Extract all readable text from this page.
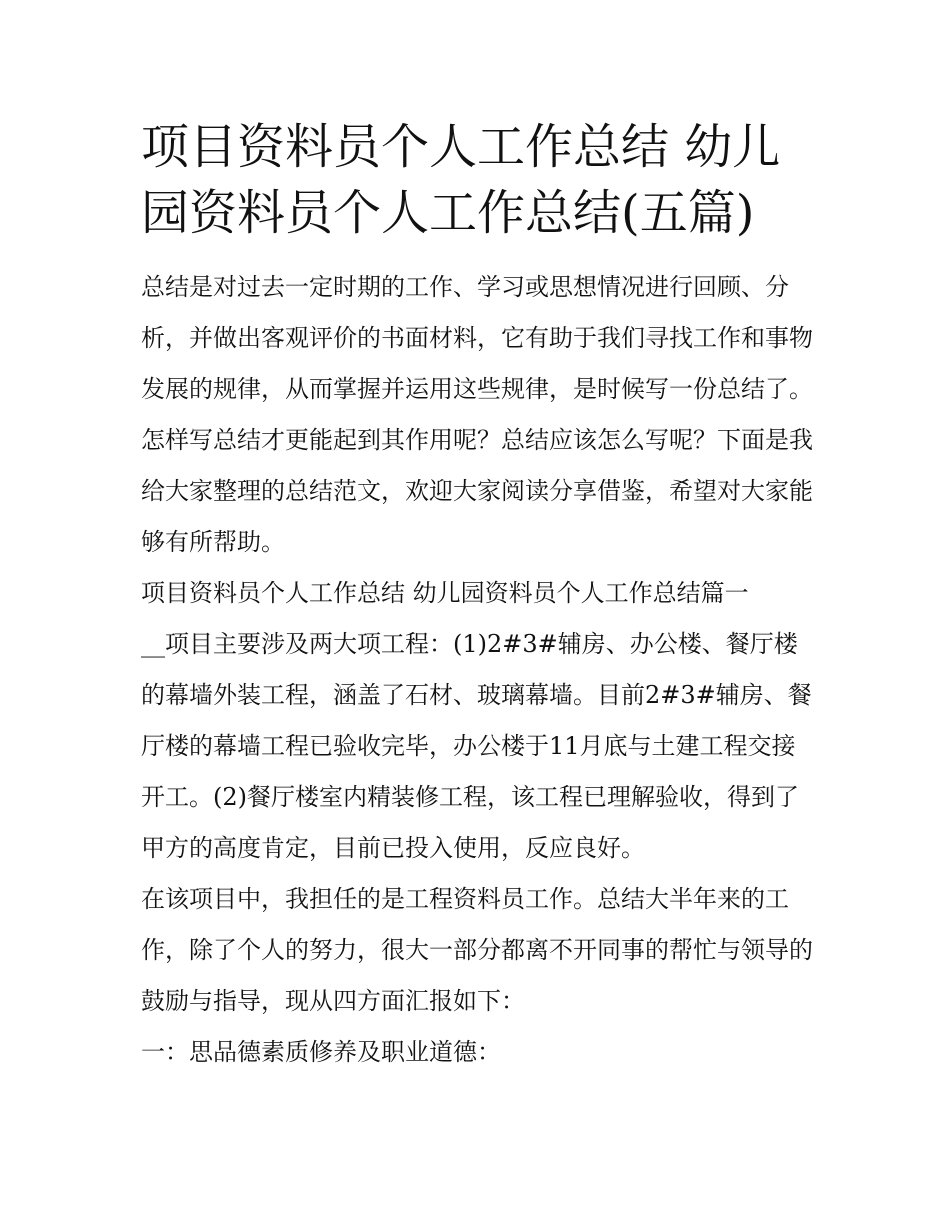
项目资料员个人工作总结 幼儿园资料员个人工作总结(五篇)

总结是对过去一定时期的工作、学习或思想情况进行回顾、分析，并做出客观评价的书面材料，它有助于我们寻找工作和事物发展的规律，从而掌握并运用这些规律，是时候写一份总结了。怎样写总结才更能起到其作用呢？总结应该怎么写呢？下面是我给大家整理的总结范文，欢迎大家阅读分享借鉴，希望对大家能够有所帮助。

项目资料员个人工作总结 幼儿园资料员个人工作总结篇一

__项目主要涉及两大项工程：(1)2#3#辅房、办公楼、餐厅楼的幕墙外装工程，涵盖了石材、玻璃幕墙。目前2#3#辅房、餐厅楼的幕墙工程已验收完毕，办公楼于11月底与土建工程交接开工。(2)餐厅楼室内精装修工程，该工程已理解验收，得到了甲方的高度肯定，目前已投入使用，反应良好。

在该项目中，我担任的是工程资料员工作。总结大半年来的工作，除了个人的努力，很大一部分都离不开同事的帮忙与领导的鼓励与指导，现从四方面汇报如下：

一：思品德素质修养及职业道德：
